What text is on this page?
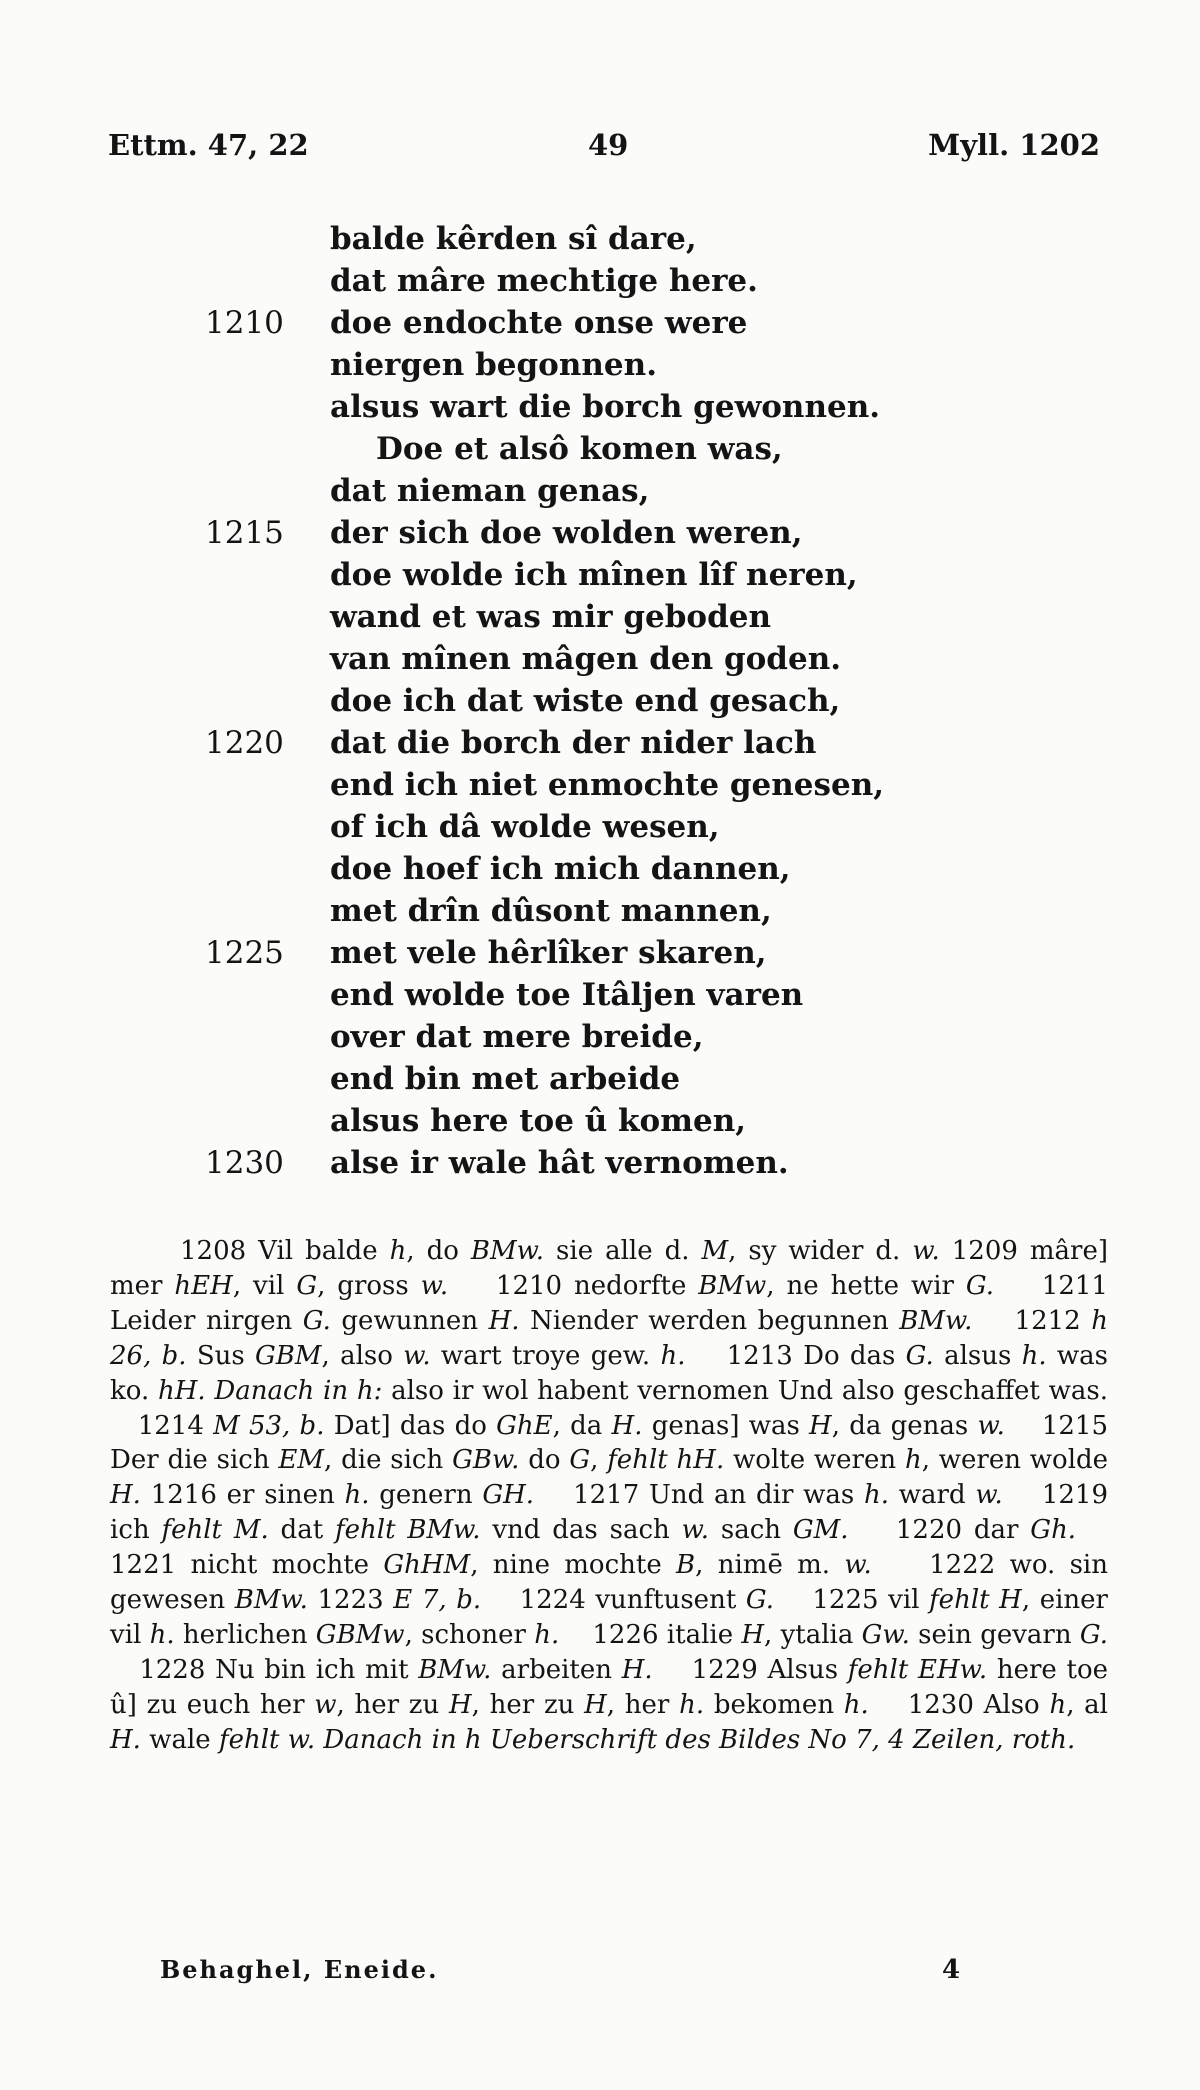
Ettm. 47, 22	49	Myll. 1202
balde kêrden sî dare,
dat mâre mechtige here.
1210	doe endochte onse were
niergen begonnen.
alsus wart die borch gewonnen.
Doe et alsô komen was,
dat nieman genas,
1215	der sich doe wolden weren,
doe wolde ich mînen lîf neren,
wand et was mir geboden
van mînen mâgen den goden.
doe ich dat wiste end gesach,
1220	dat die borch der nider lach
end ich niet enmochte genesen,
of ich dâ wolde wesen,
doe hoef ich mich dannen,
met drîn dûsont mannen,
1225	met vele hêrlîker skaren,
end wolde toe Itâljen varen
over dat mere breide,
end bin met arbeide
alsus here toe û komen,
1230	alse ir wale hât vernomen.

1208 Vil balde h, do BMw. sie alle d. M, sy wider d. w. 1209 mâre] mer hEH, vil G, gross w.    1210 nedorfte BMw, ne hette wir G.    1211 Leider nirgen G. gewunnen H. Niender werden begunnen BMw.    1212 h 26, b. Sus GBM, also w. wart troye gew. h.    1213 Do das G. alsus h. was ko. hH. Danach in h: also ir wol habent vernomen Und also geschaffet was.    1214 M 53, b. Dat] das do GhE, da H. genas] was H, da genas w.    1215 Der die sich EM, die sich GBw. do G, fehlt hH. wolte weren h, weren wolde H. 1216 er sinen h. genern GH.    1217 Und an dir was h. ward w.    1219 ich fehlt M. dat fehlt BMw. vnd das sach w. sach GM.    1220 dar Gh.    1221 nicht mochte GhHM, nine mochte B, nimē m. w.    1222 wo. sin gewesen BMw. 1223 E 7, b.    1224 vunftusent G.    1225 vil fehlt H, einer vil h. herlichen GBMw, schoner h.    1226 italie H, ytalia Gw. sein gevarn G.    1228 Nu bin ich mit BMw. arbeiten H.    1229 Alsus fehlt EHw. here toe û] zu euch her w, her zu H, her zu H, her h. bekomen h.    1230 Also h, al H. wale fehlt w. Danach in h Ueberschrift des Bildes No 7, 4 Zeilen, roth.

Behaghel, Eneide.	4
